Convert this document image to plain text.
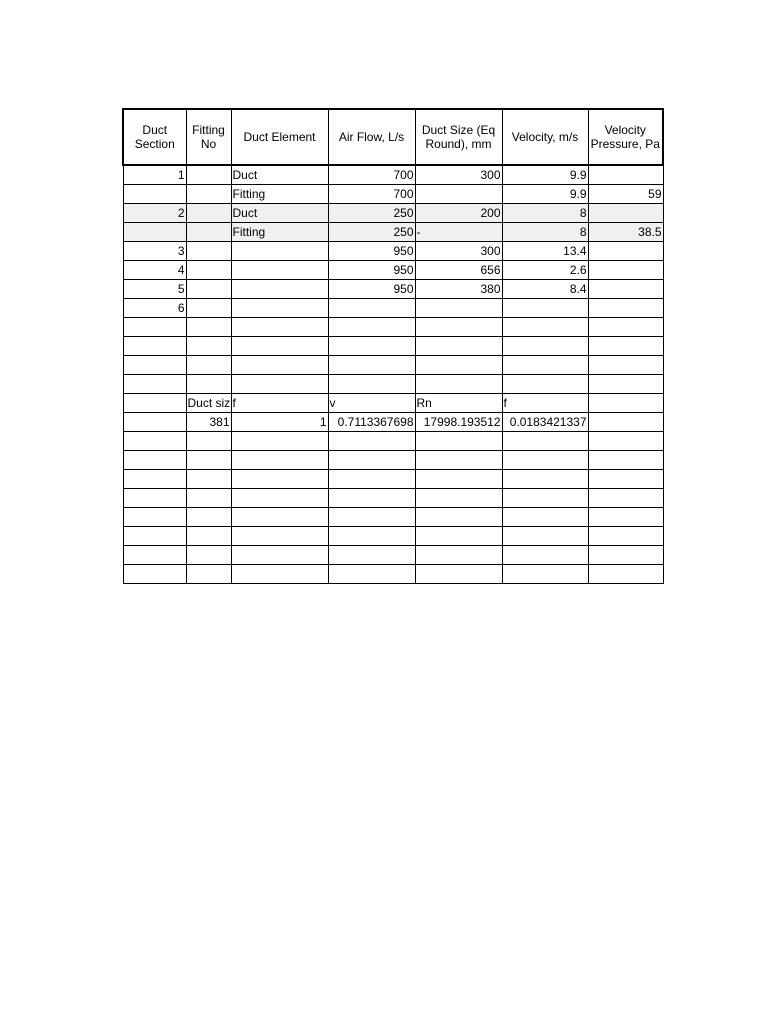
Duct Section	Fitting No	Duct Element	Air Flow, L/s	Duct Size (Eq Round), mm	Velocity, m/s	Velocity Pressure, Pa
1		Duct	700	300	9.9	
		Fitting	700		9.9	59
2		Duct	250	200	8	
		Fitting	250	-	8	38.5
3			950	300	13.4	
4			950	656	2.6	
5			950	380	8.4	
6						

	Duct siz	f	v	Rn	f	
	381	1	0.7113367698	17998.193512	0.0183421337	
